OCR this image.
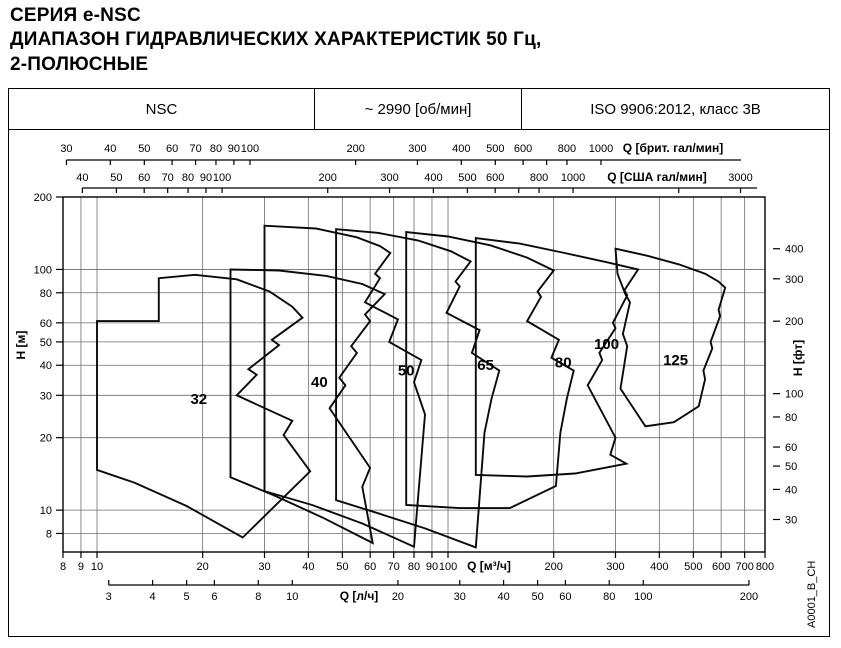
СЕРИЯ e-NSC
ДИАПАЗОН ГИДРАВЛИЧЕСКИХ ХАРАКТЕРИСТИК 50 Гц,
2-ПОЛЮСНЫЕ
NSC	~ 2990 [об/мин]	ISO 9906:2012, класс 3В
30	40 50 60 70 80 90 100	200	300 400 500 600 800 1000 Q [брит. гал/мин]
40 50 60 70 80 90 100	200	300 400 500 600 800 1000	3000
Q [США гал/мин]
8 9 10	20	30	40 50 60 70 80 90 100	200	300 400 500 600 700 800
Q [м³/ч]
3	4	5 6	8 10	20	30	40 50 60	80 100	200
Q [л/ч]
8
10
20
30
40
50
60
80
100
200
H [м]
30
40
50
60
80
100
200
300
400
H [фт]
32
40
50	65	80
100
125
A0001_B_CH
